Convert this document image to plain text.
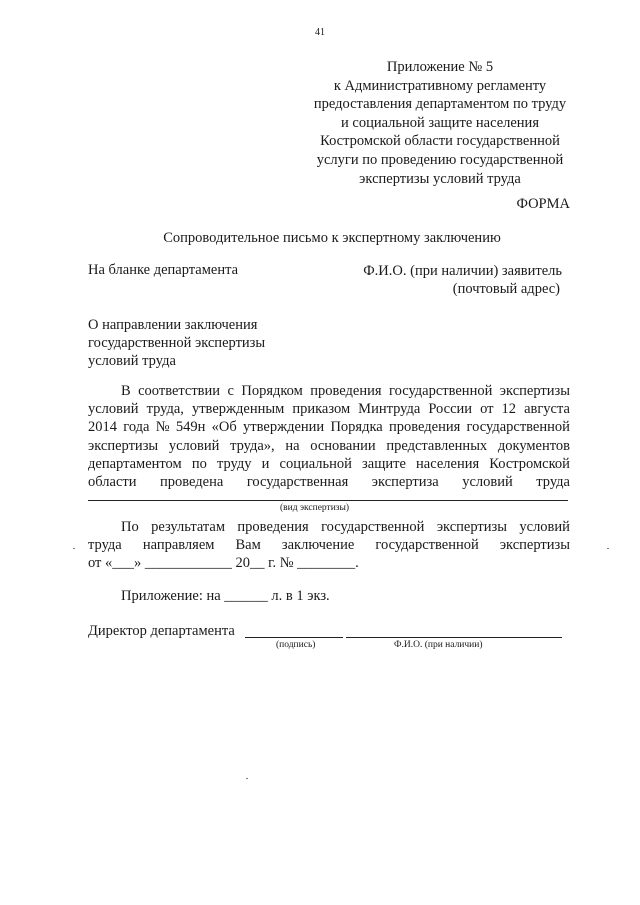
41
Приложение № 5
к Административному регламенту
предоставления департаментом по труду
и социальной защите населения
Костромской области государственной
услуги по проведению государственной
экспертизы условий труда
ФОРМА
Сопроводительное письмо к экспертному заключению
На бланке департамента	Ф.И.О. (при наличии) заявитель
(почтовый адрес)
О направлении заключения
государственной экспертизы
условий труда
В соответствии с Порядком проведения государственной экспертизы
условий труда, утвержденным приказом Минтруда России от 12 августа
2014 года № 549н «Об утверждении Порядка проведения государственной
экспертизы условий труда», на основании представленных документов
департаментом по труду и социальной защите населения Костромской
области проведена государственная экспертиза условий труда
(вид экспертизы)
По результатам проведения государственной экспертизы условий
труда направляем Вам заключение государственной экспертизы
от «___» ____________ 20__ г. № ________.
Приложение: на ______ л. в 1 экз.
Директор департамента
(подпись)	Ф.И.О. (при наличии)
